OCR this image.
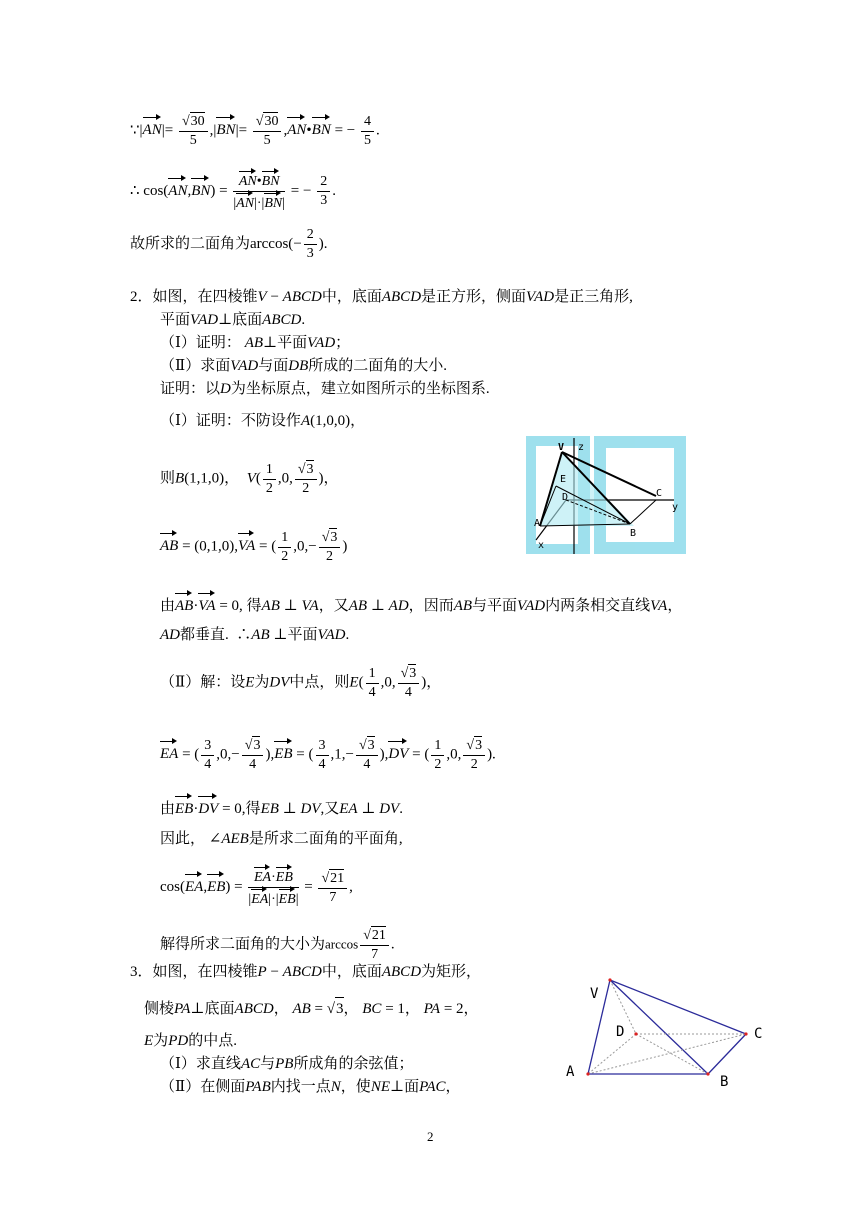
∵|AN|= $\frac{√30}{5} ,|BN|= \frac{√30}{5}$ ,AN•BN = − $\frac{4}{5}$ .
∴ $\cos(AN,BN) = \frac{AN•BN}{|AN|\cdot|BN|}$ = − $\frac{2}{3}$ .
故所求的二面角为$\arccos(- \frac{2}{3}$ ).
2．如图，在四棱锥V − ABCD中，底面ABCD是正方形，侧面VAD是正三角形,
平面VAD⊥底面ABCD.
（Ⅰ）证明： AB⊥平面VAD；
（Ⅱ）求面VAD与面DB所成的二面角的大小.
证明：以D为坐标原点，建立如图所示的坐标图系.
（Ⅰ）证明：不防设作A(1,0,0)，
则B(1,1,0)，  $V( \frac{1}{2} ,0$, $\frac{√3}{2}$ )，
AB = (0,1,0),VA = ( $\frac{1}{2} ,0,- \frac{√3}{2}$ )
由AB·VA = 0, 得AB ⊥ VA，又AB ⊥ AD，因而AB与平面VAD内两条相交直线VA，
AD都垂直. ∴AB ⊥平面VAD.
（Ⅱ）解：设E为DV中点，则$E( \frac{1}{4} ,0$, $\frac{√3}{4}$ )，
EA = ( $\frac{3}{4} ,0,- \frac{√3}{4} ),EB$ = ( $\frac{3}{4} ,1,- \frac{√3}{4} ),DV$ = ( $\frac{1}{2} ,0$, $\frac{√3}{2}$ ).
由EB·DV = 0,得EB ⊥ DV,又EA ⊥ DV.
因此， ∠AEB是所求二面角的平面角,
$\cos(EA,EB) = \frac{EA\cdot EB}{|EA|\cdot|EB|} = \frac{√21}{7}$ ,
解得所求二面角的大小为$\arccos \frac{√21}{7}$ .
V z
E
D	C
y
A
B
x
3．如图，在四棱锥P − ABCD中，底面ABCD为矩形，
侧棱PA⊥底面ABCD， AB = √3， BC = 1， PA = 2，
E为PD的中点.
（Ⅰ）求直线AC与PB所成角的余弦值；
（Ⅱ）在侧面PAB内找一点N，使NE⊥面PAC，
V
D	C
A
B
2
